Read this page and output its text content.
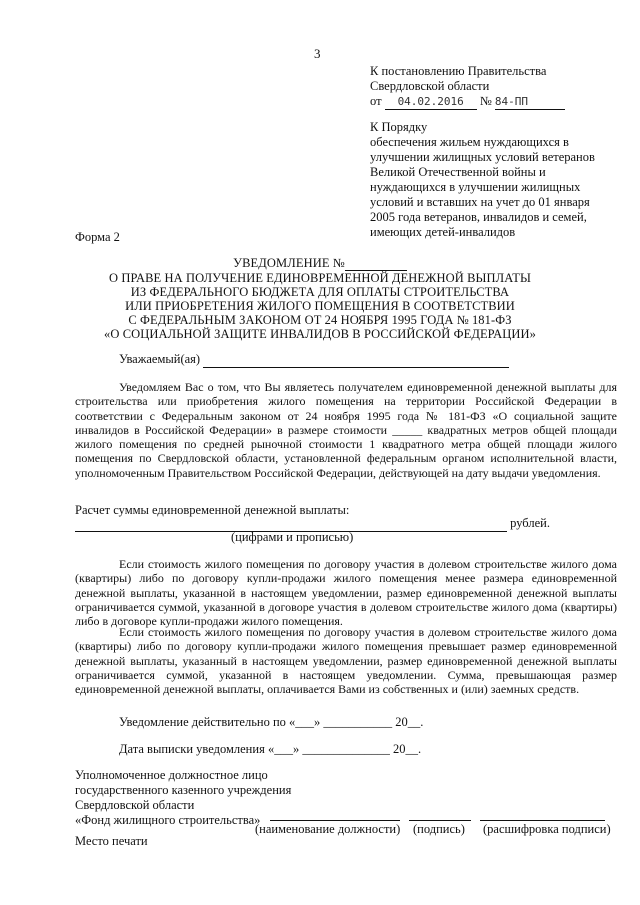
3
К постановлению Правительства
Свердловской области
от 04.02.2016 № 84-ПП
К Порядку
обеспечения жильем нуждающихся в
улучшении жилищных условий ветеранов
Великой Отечественной войны и
нуждающихся в улучшении жилищных
условий и вставших на учет до 01 января
2005 года ветеранов, инвалидов и семей,
имеющих детей-инвалидов
Форма 2
УВЕДОМЛЕНИЕ №
О ПРАВЕ НА ПОЛУЧЕНИЕ ЕДИНОВРЕМЕННОЙ ДЕНЕЖНОЙ ВЫПЛАТЫ
ИЗ ФЕДЕРАЛЬНОГО БЮДЖЕТА ДЛЯ ОПЛАТЫ СТРОИТЕЛЬСТВА
ИЛИ ПРИОБРЕТЕНИЯ ЖИЛОГО ПОМЕЩЕНИЯ В СООТВЕТСТВИИ
С ФЕДЕРАЛЬНЫМ ЗАКОНОМ ОТ 24 НОЯБРЯ 1995 ГОДА № 181-ФЗ
«О СОЦИАЛЬНОЙ ЗАЩИТЕ ИНВАЛИДОВ В РОССИЙСКОЙ ФЕДЕРАЦИИ»
Уважаемый(ая)
Уведомляем Вас о том, что Вы являетесь получателем единовременной денежной выплаты для строительства или приобретения жилого помещения на территории Российской Федерации в соответствии с Федеральным законом от 24 ноября 1995 года № 181-ФЗ «О социальной защите инвалидов в Российской Федерации» в размере стоимости _____ квадратных метров общей площади жилого помещения по средней рыночной стоимости 1 квадратного метра общей площади жилого помещения по Свердловской области, установленной федеральным органом исполнительной власти, уполномоченным Правительством Российской Федерации, действующей на дату выдачи уведомления.
Расчет суммы единовременной денежной выплаты:
рублей.
(цифрами и прописью)
Если стоимость жилого помещения по договору участия в долевом строительстве жилого дома (квартиры) либо по договору купли-продажи жилого помещения менее размера единовременной денежной выплаты, указанной в настоящем уведомлении, размер единовременной денежной выплаты ограничивается суммой, указанной в договоре участия в долевом строительстве жилого дома (квартиры) либо в договоре купли-продажи жилого помещения.
Если стоимость жилого помещения по договору участия в долевом строительстве жилого дома (квартиры) либо по договору купли-продажи жилого помещения превышает размер единовременной денежной выплаты, указанный в настоящем уведомлении, размер единовременной денежной выплаты ограничивается суммой, указанной в настоящем уведомлении. Сумма, превышающая размер единовременной денежной выплаты, оплачивается Вами из собственных и (или) заемных средств.
Уведомление действительно по «___» ___________ 20__.
Дата выписки уведомления «___» ______________ 20__.
Уполномоченное должностное лицо
государственного казенного учреждения
Свердловской области
«Фонд жилищного строительства»
(наименование должности) (подпись) (расшифровка подписи)
Место печати
